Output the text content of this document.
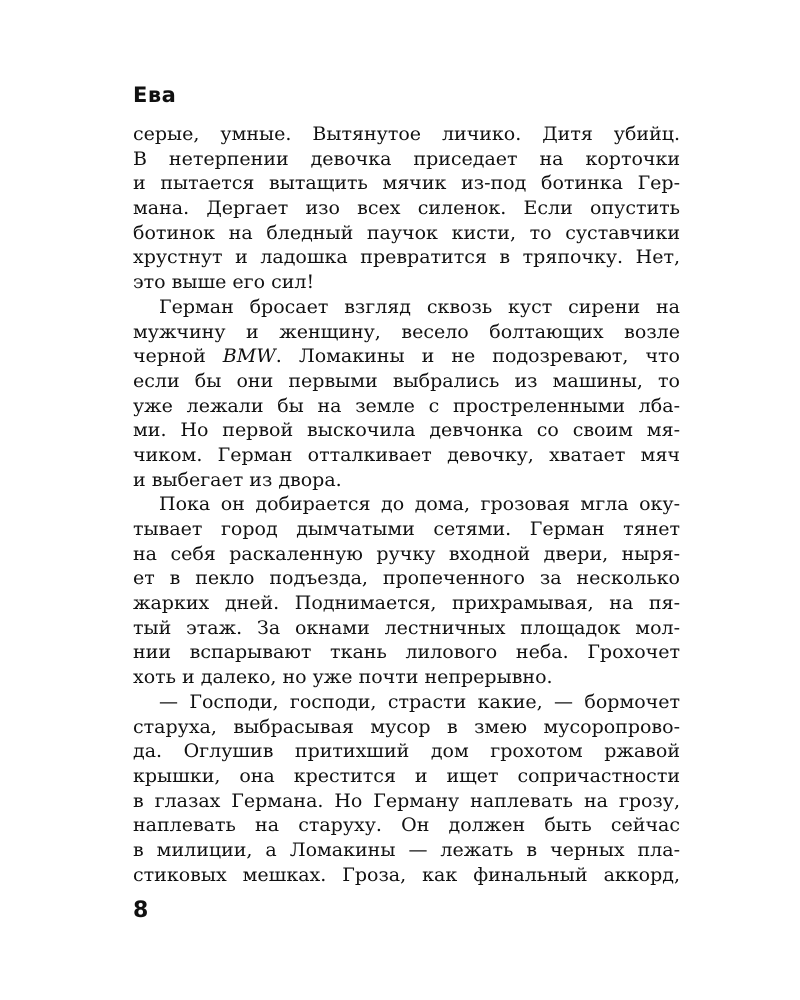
Ева
серые, умные. Вытянутое личико. Дитя убийц.
В нетерпении девочка приседает на корточки
и пытается вытащить мячик из-под ботинка Гер-
мана. Дергает изо всех силенок. Если опустить
ботинок на бледный паучок кисти, то суставчики
хрустнут и ладошка превратится в тряпочку. Нет,
это выше его сил!
Герман бросает взгляд сквозь куст сирени на
мужчину и женщину, весело болтающих возле
черной BMW. Ломакины и не подозревают, что
если бы они первыми выбрались из машины, то
уже лежали бы на земле с простреленными лба-
ми. Но первой выскочила девчонка со своим мя-
чиком. Герман отталкивает девочку, хватает мяч
и выбегает из двора.
Пока он добирается до дома, грозовая мгла оку-
тывает город дымчатыми сетями. Герман тянет
на себя раскаленную ручку входной двери, ныря-
ет в пекло подъезда, пропеченного за несколько
жарких дней. Поднимается, прихрамывая, на пя-
тый этаж. За окнами лестничных площадок мол-
нии вспарывают ткань лилового неба. Грохочет
хоть и далеко, но уже почти непрерывно.
— Господи, господи, страсти какие, — бормочет
старуха, выбрасывая мусор в змею мусоропрово-
да. Оглушив притихший дом грохотом ржавой
крышки, она крестится и ищет сопричастности
в глазах Германа. Но Герману наплевать на грозу,
наплевать на старуху. Он должен быть сейчас
в милиции, а Ломакины — лежать в черных пла-
стиковых мешках. Гроза, как финальный аккорд,
8
